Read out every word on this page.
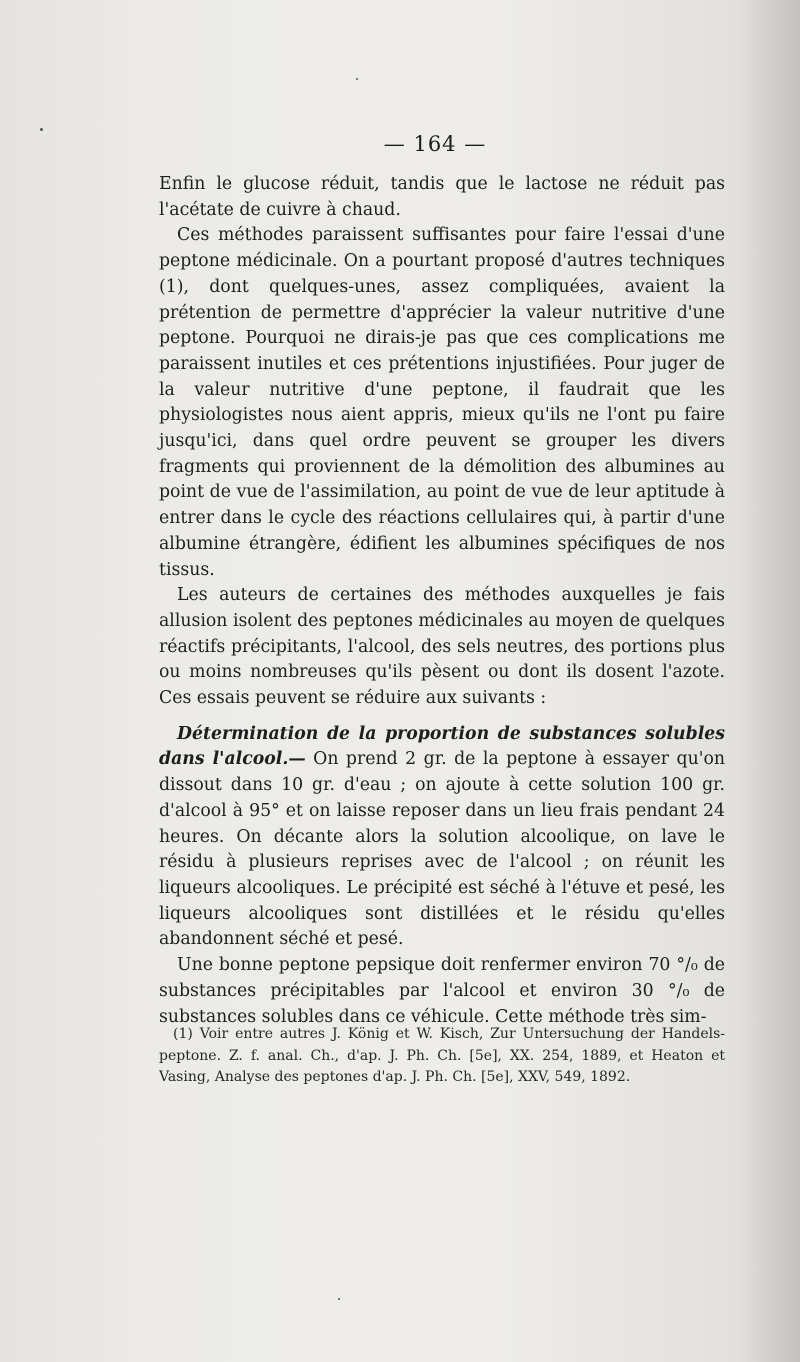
— 164 —

Enfin le glucose réduit, tandis que le lactose ne réduit pas l'acétate de cuivre à chaud.

Ces méthodes paraissent suffisantes pour faire l'essai d'une peptone médicinale. On a pourtant proposé d'autres techniques (1), dont quelques-unes, assez compliquées, avaient la prétention de permettre d'apprécier la valeur nutritive d'une peptone. Pourquoi ne dirais-je pas que ces complications me paraissent inutiles et ces prétentions injustifiées. Pour juger de la valeur nutritive d'une peptone, il faudrait que les physiologistes nous aient appris, mieux qu'ils ne l'ont pu faire jusqu'ici, dans quel ordre peuvent se grouper les divers fragments qui proviennent de la démolition des albumines au point de vue de l'assimilation, au point de vue de leur aptitude à entrer dans le cycle des réactions cellulaires qui, à partir d'une albumine étrangère, édifient les albumines spécifiques de nos tissus.

Les auteurs de certaines des méthodes auxquelles je fais allusion isolent des peptones médicinales au moyen de quelques réactifs précipitants, l'alcool, des sels neutres, des portions plus ou moins nombreuses qu'ils pèsent ou dont ils dosent l'azote. Ces essais peuvent se réduire aux suivants :

Détermination de la proportion de substances solubles dans l'alcool.— On prend 2 gr. de la peptone à essayer qu'on dissout dans 10 gr. d'eau ; on ajoute à cette solution 100 gr. d'alcool à 95° et on laisse reposer dans un lieu frais pendant 24 heures. On décante alors la solution alcoolique, on lave le résidu à plusieurs reprises avec de l'alcool ; on réunit les liqueurs alcooliques. Le précipité est séché à l'étuve et pesé, les liqueurs alcooliques sont distillées et le résidu qu'elles abandonnent séché et pesé.

Une bonne peptone pepsique doit renfermer environ 70 °/₀ de substances précipitables par l'alcool et environ 30 °/₀ de substances solubles dans ce véhicule. Cette méthode très sim-

(1) Voir entre autres J. König et W. Kisch, Zur Untersuchung der Handels-peptone. Z. f. anal. Ch., d'ap. J. Ph. Ch. [5e], XX. 254, 1889, et Heaton et Vasing, Analyse des peptones d'ap. J. Ph. Ch. [5e], XXV, 549, 1892.
